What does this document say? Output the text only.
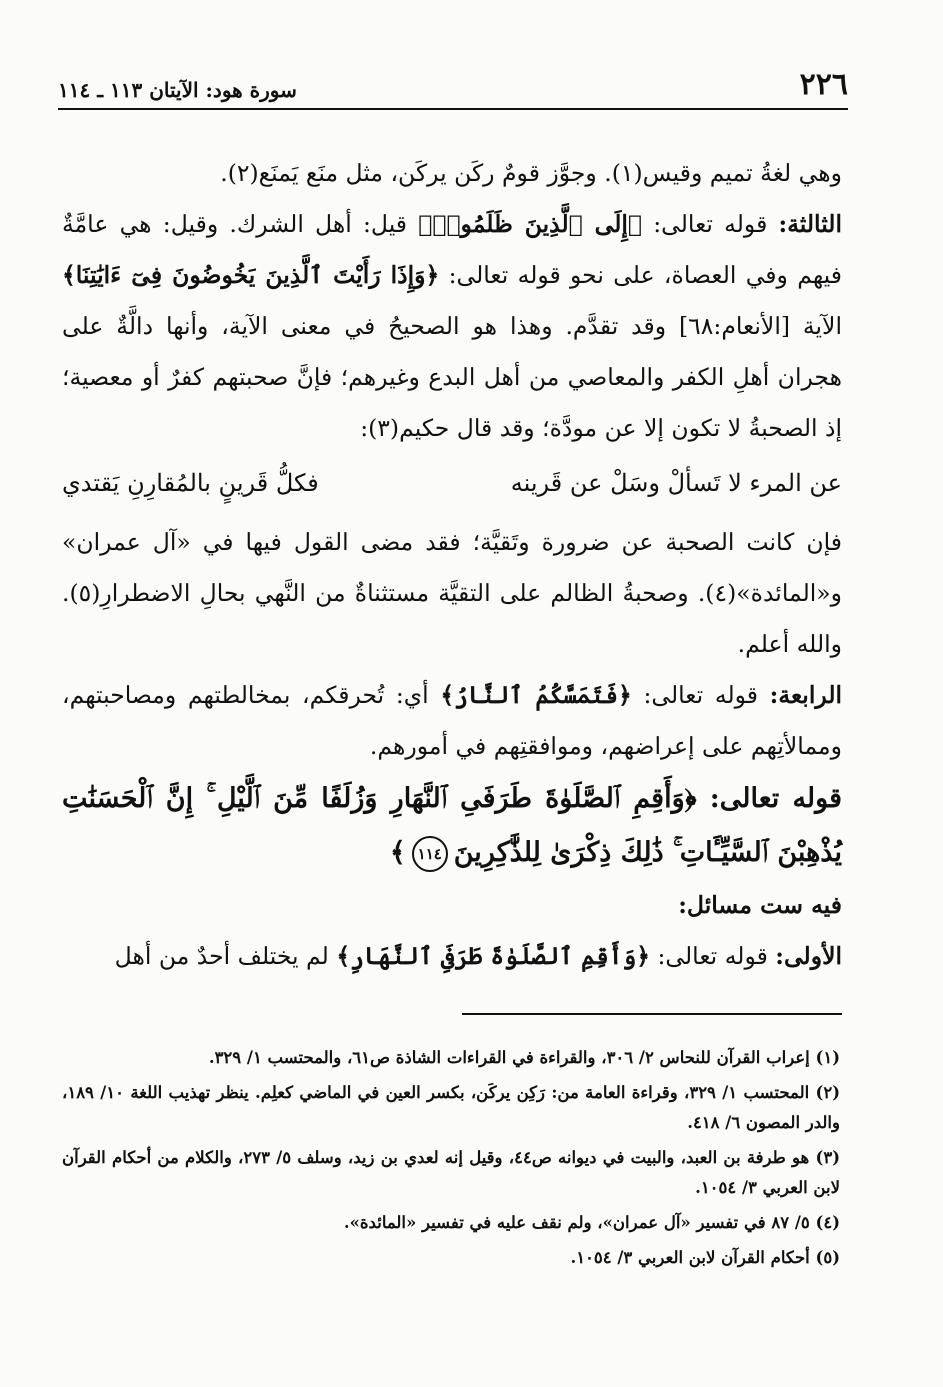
٢٢٦
سورة هود: الآيتان ١١٣ ـ ١١٤

وهي لغةُ تميم وقيس(١). وجوَّز قومٌ ركَن يركَن، مثل منَع يَمنَع(٢).

الثالثة: قوله تعالى: ﴿إِلَى ٱلَّذِينَ ظَلَمُوا۟﴾ قيل: أهل الشرك. وقيل: هي عامَّةٌ فيهم وفي العصاة، على نحو قوله تعالى: ﴿وَإِذَا رَأَيْتَ ٱلَّذِينَ يَخُوضُونَ فِىٓ ءَايَٰتِنَا﴾ الآية [الأنعام:٦٨] وقد تقدَّم. وهذا هو الصحيحُ في معنى الآية، وأنها دالَّةٌ على هجران أهلِ الكفر والمعاصي من أهل البدع وغيرهم؛ فإنَّ صحبتهم كفرٌ أو معصية؛ إذ الصحبةُ لا تكون إلا عن مودَّة؛ وقد قال حكيم(٣):

عن المرء لا تَسألْ وسَلْ عن قَرينه
فكلُّ قَرينٍ بالمُقارِنِ يَقتدي

فإن كانت الصحبة عن ضرورة وتَقيَّة؛ فقد مضى القول فيها في «آل عمران» و«المائدة»(٤). وصحبةُ الظالم على التقيَّة مستثناةٌ من النَّهي بحالِ الاضطرارِ(٥). والله أعلم.

الرابعة: قوله تعالى: ﴿فَتَمَسَّكُمُ ٱلنَّارُ﴾ أي: تُحرقكم، بمخالطتهم ومصاحبتهم، وممالأتِهم على إعراضهم، وموافقتِهم في أمورهم.

قوله تعالى: ﴿وَأَقِمِ ٱلصَّلَوٰةَ طَرَفَىِ ٱلنَّهَارِ وَزُلَفًا مِّنَ ٱلَّيْلِ ۚ إِنَّ ٱلْحَسَنَٰتِ يُذْهِبْنَ ٱلسَّيِّـَٔاتِ ۚ ذَٰلِكَ ذِكْرَىٰ لِلذَّٰكِرِينَ١١٤﴾

فيه ست مسائل:

الأولى: قوله تعالى: ﴿وَأَقِمِ ٱلصَّلَوٰةَ طَرَفَىِ ٱلنَّهَارِ﴾ لم يختلف أحدٌ من أهل

(١) إعراب القرآن للنحاس ٢/ ٣٠٦، والقراءة في القراءات الشاذة ص٦١، والمحتسب ١/ ٣٢٩.

(٢) المحتسب ١/ ٣٢٩، وقراءة العامة من: رَكِن يركَن، بكسر العين في الماضي كعلِم. ينظر تهذيب اللغة ١٠/ ١٨٩، والدر المصون ٦/ ٤١٨.

(٣) هو طرفة بن العبد، والبيت في ديوانه ص٤٤، وقيل إنه لعدي بن زيد، وسلف ٥/ ٢٧٣، والكلام من أحكام القرآن لابن العربي ٣/ ١٠٥٤.

(٤) ٥/ ٨٧ في تفسير «آل عمران»، ولم نقف عليه في تفسير «المائدة».

(٥) أحكام القرآن لابن العربي ٣/ ١٠٥٤.
